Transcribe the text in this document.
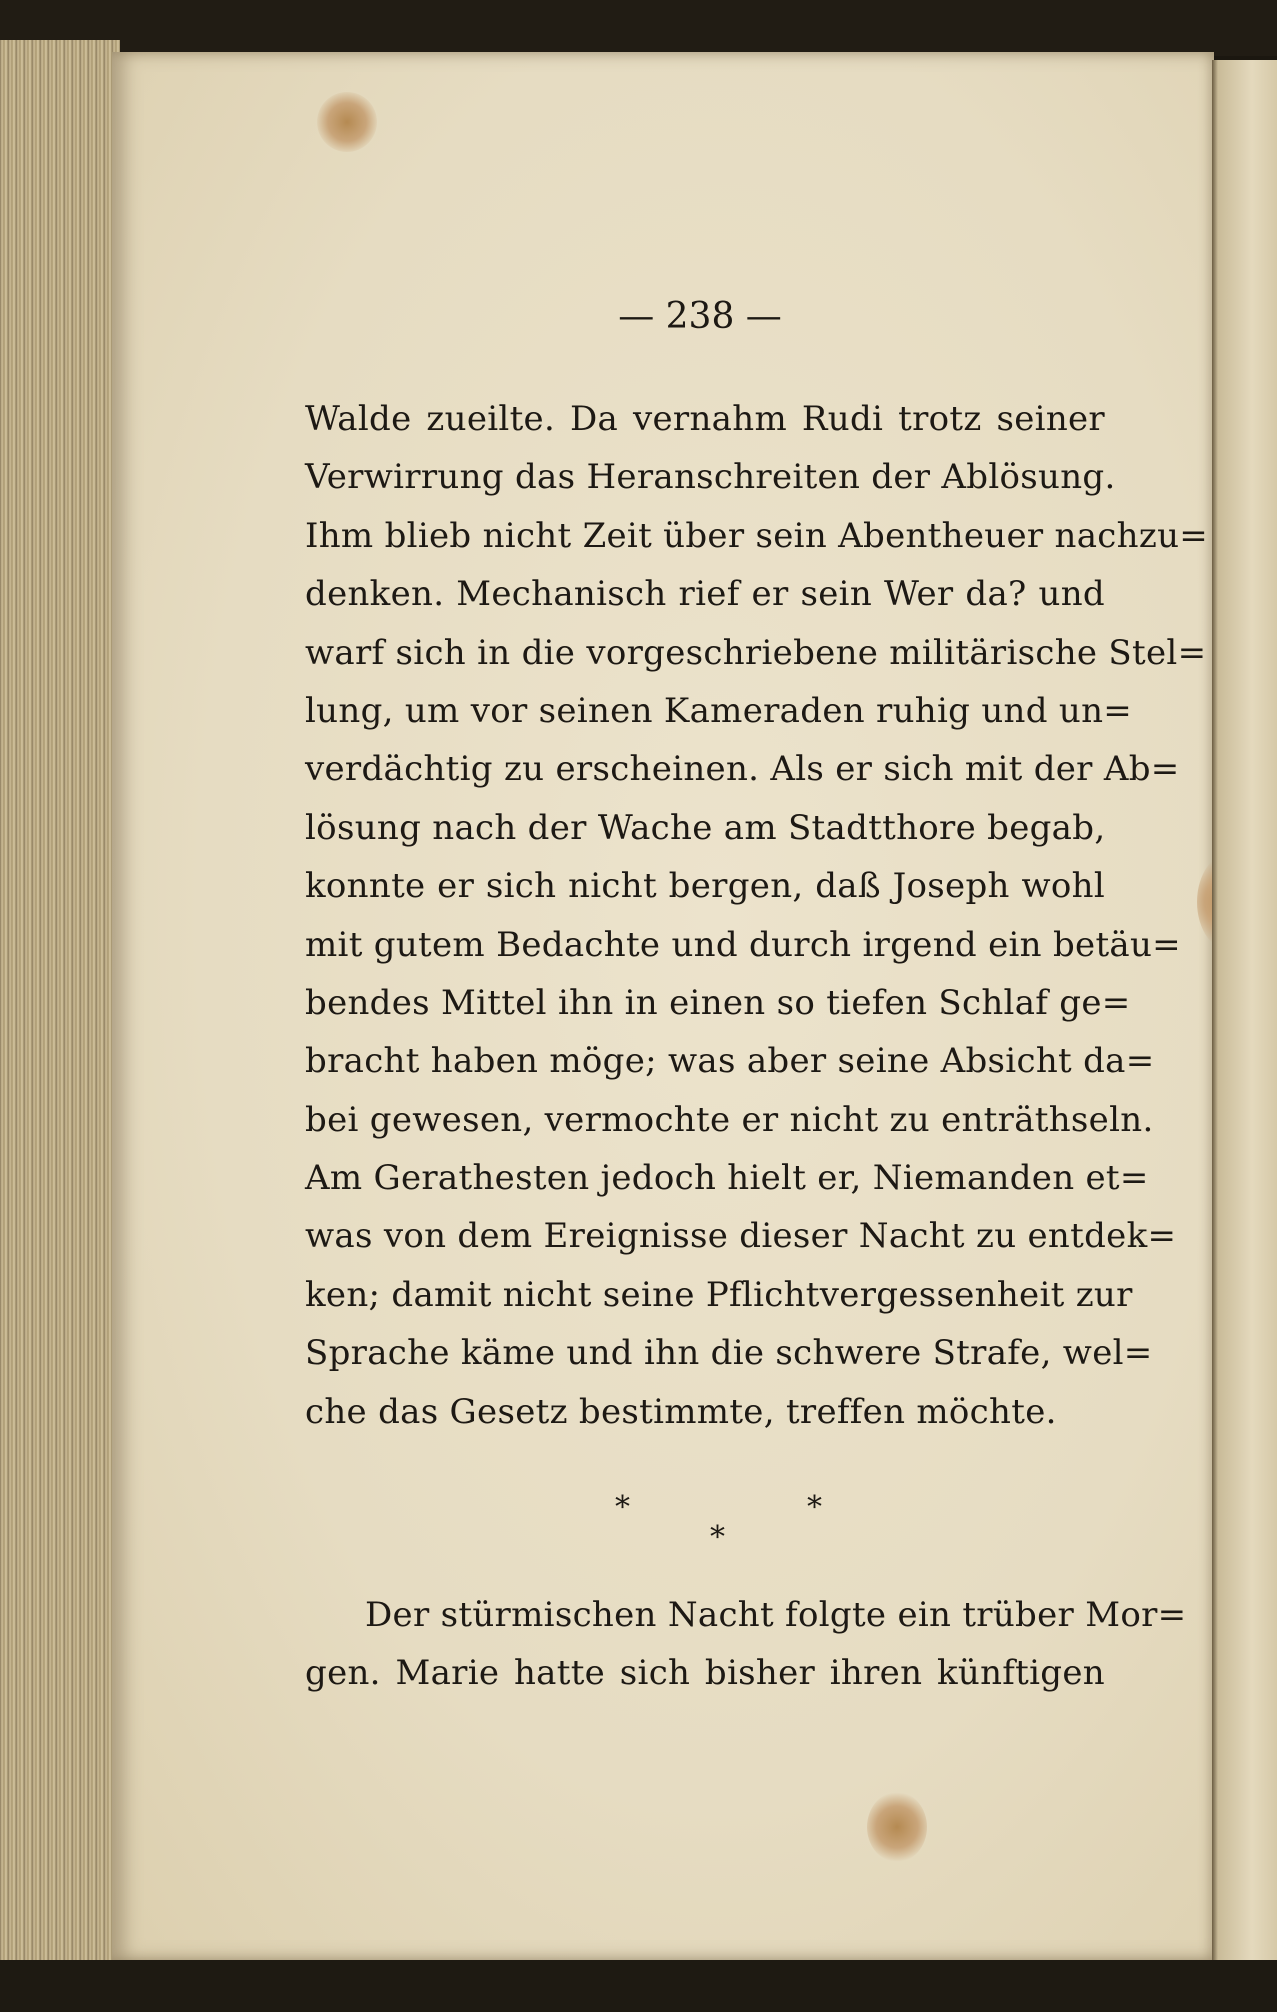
— 238 —
Walde zueilte. Da vernahm Rudi trotz seiner
Verwirrung das Heranschreiten der Ablösung.
Ihm blieb nicht Zeit über sein Abentheuer nachzu=
denken. Mechanisch rief er sein Wer da? und
warf sich in die vorgeschriebene militärische Stel=
lung, um vor seinen Kameraden ruhig und un=
verdächtig zu erscheinen. Als er sich mit der Ab=
lösung nach der Wache am Stadtthore begab,
konnte er sich nicht bergen, daß Joseph wohl
mit gutem Bedachte und durch irgend ein betäu=
bendes Mittel ihn in einen so tiefen Schlaf ge=
bracht haben möge; was aber seine Absicht da=
bei gewesen, vermochte er nicht zu enträthseln.
Am Gerathesten jedoch hielt er, Niemanden et=
was von dem Ereignisse dieser Nacht zu entdek=
ken; damit nicht seine Pflichtvergessenheit zur
Sprache käme und ihn die schwere Strafe, wel=
che das Gesetz bestimmte, treffen möchte.
*	*
*
Der stürmischen Nacht folgte ein trüber Mor=
gen. Marie hatte sich bisher ihren künftigen
